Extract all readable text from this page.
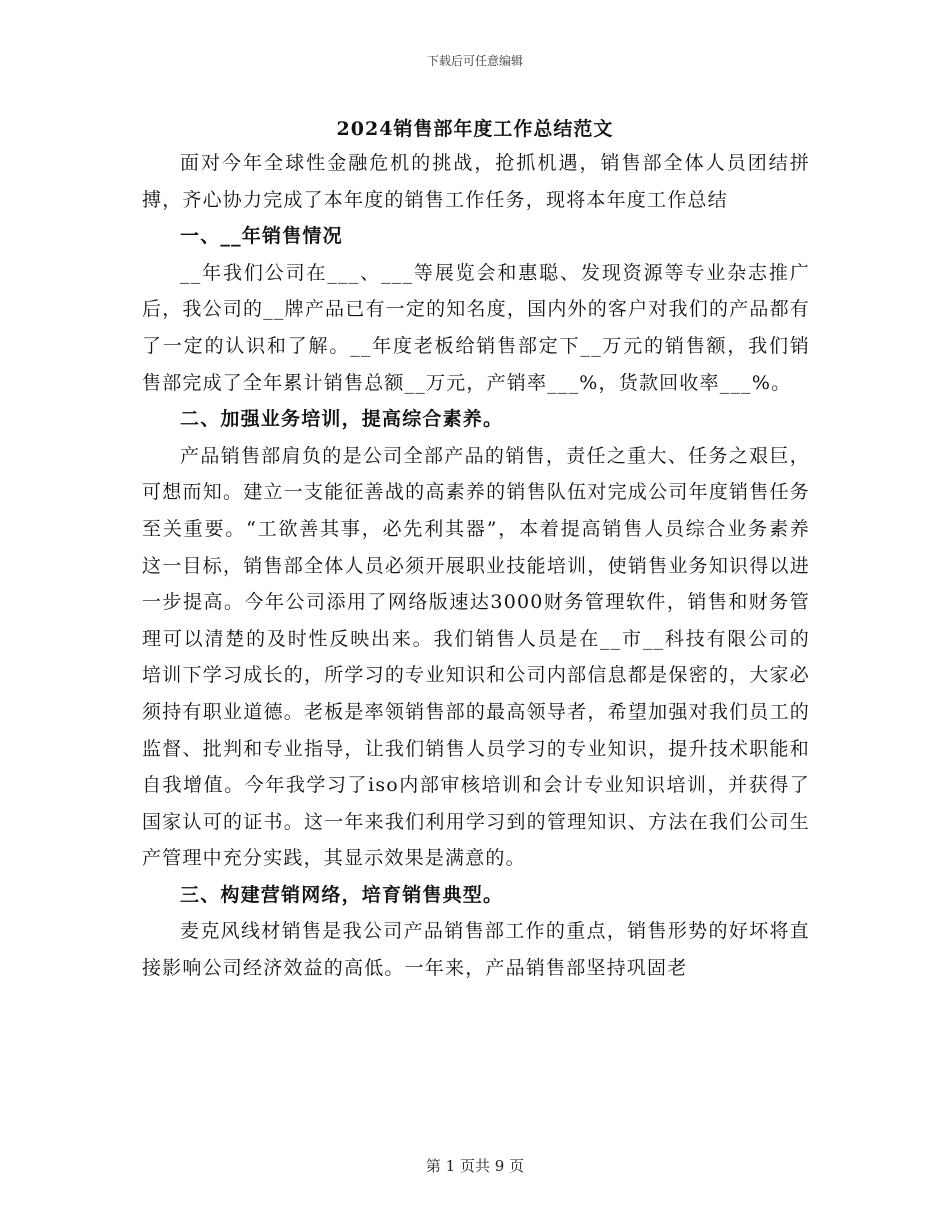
下载后可任意编辑
2024销售部年度工作总结范文

面对今年全球性金融危机的挑战，抢抓机遇，销售部全体人员团结拼搏，齐心协力完成了本年度的销售工作任务，现将本年度工作总结

一、__年销售情况

__年我们公司在___、___等展览会和惠聪、发现资源等专业杂志推广后，我公司的__牌产品已有一定的知名度，国内外的客户对我们的产品都有了一定的认识和了解。__年度老板给销售部定下__万元的销售额，我们销售部完成了全年累计销售总额__万元，产销率___%，货款回收率___%。

二、加强业务培训，提高综合素养。

产品销售部肩负的是公司全部产品的销售，责任之重大、任务之艰巨，可想而知。建立一支能征善战的高素养的销售队伍对完成公司年度销售任务至关重要。“工欲善其事，必先利其器”，本着提高销售人员综合业务素养这一目标，销售部全体人员必须开展职业技能培训，使销售业务知识得以进一步提高。今年公司添用了网络版速达3000财务管理软件，销售和财务管理可以清楚的及时性反映出来。我们销售人员是在__市__科技有限公司的培训下学习成长的，所学习的专业知识和公司内部信息都是保密的，大家必须持有职业道德。老板是率领销售部的最高领导者，希望加强对我们员工的监督、批判和专业指导，让我们销售人员学习的专业知识，提升技术职能和自我增值。今年我学习了iso内部审核培训和会计专业知识培训，并获得了国家认可的证书。这一年来我们利用学习到的管理知识、方法在我们公司生产管理中充分实践，其显示效果是满意的。

三、构建营销网络，培育销售典型。

麦克风线材销售是我公司产品销售部工作的重点，销售形势的好坏将直接影响公司经济效益的高低。一年来，产品销售部坚持巩固老

第 1 页共 9 页
